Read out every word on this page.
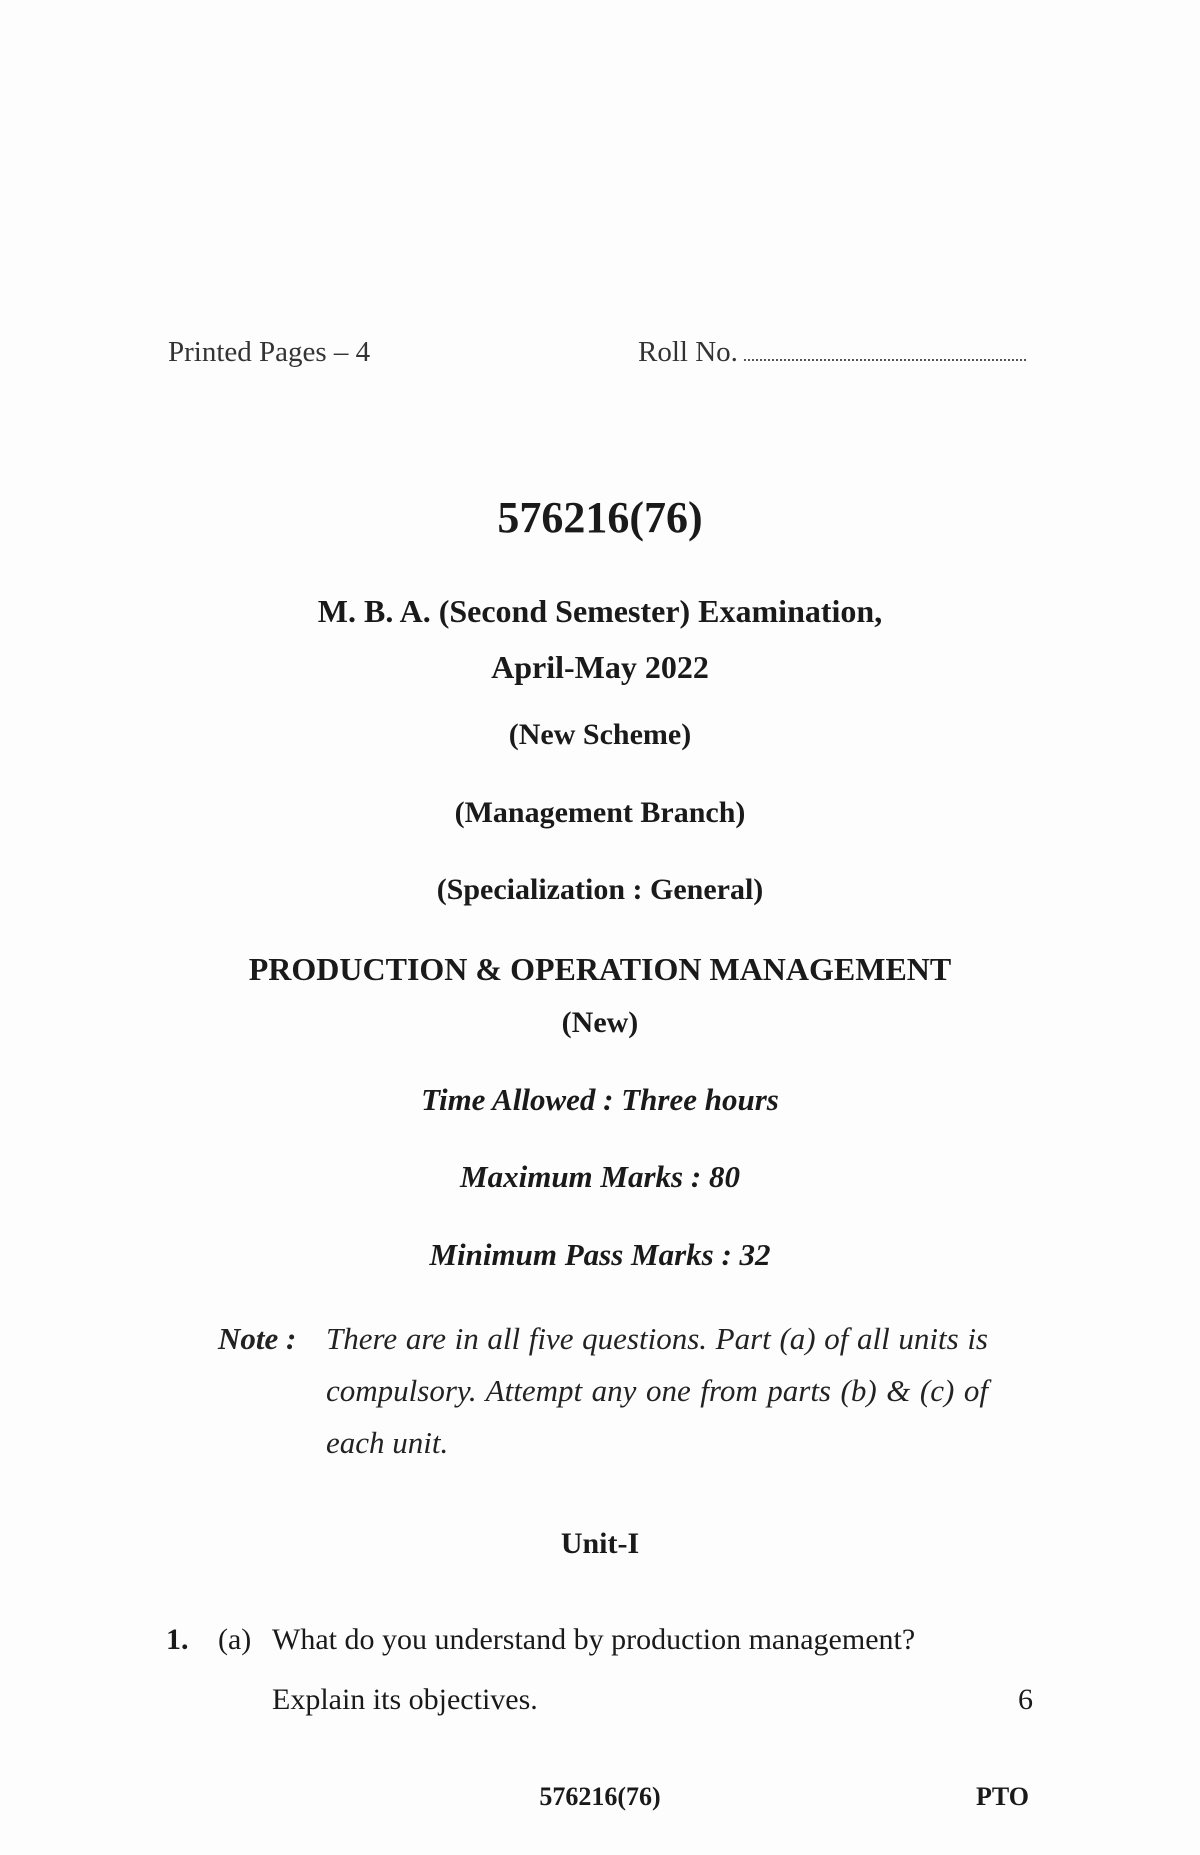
Printed Pages – 4	Roll No.
576216(76)
M. B. A. (Second Semester) Examination,
April-May 2022
(New Scheme)
(Management Branch)
(Specialization : General)
PRODUCTION & OPERATION MANAGEMENT
(New)
Time Allowed : Three hours
Maximum Marks : 80
Minimum Pass Marks : 32
Note : There are in all five questions. Part (a) of all units is compulsory. Attempt any one from parts (b) & (c) of each unit.
Unit-I
1. (a) What do you understand by production management? Explain its objectives.	6
576216(76)	PTO
